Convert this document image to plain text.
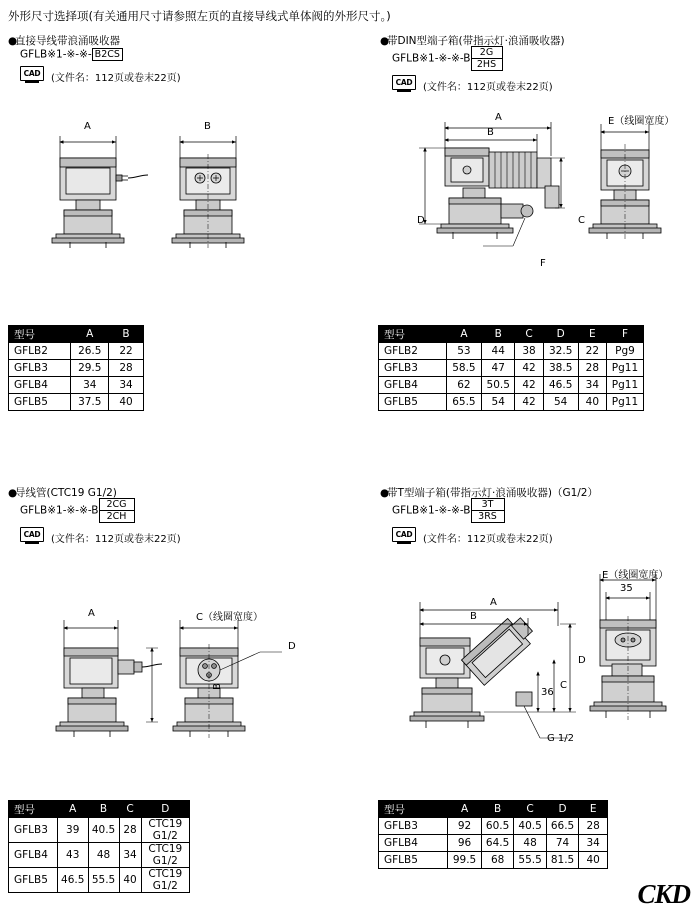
外形尺寸选择项(有关通用尺寸请参照左页的直接导线式单体阀的外形尺寸。)
●直接导线带浪涌吸收器
GFLB※1-※-※- B2CS
CAD	(文件名：112页或卷末22页)
●带DIN型端子箱(带指示灯·浪涌吸收器)
GFLB※1-※-※-B $\frac{2G}{2HS}$
CAD	(文件名：112页或卷末22页)
A	B
A
B
C
D
E（线圈宽度）
F
型号	A	B
GFLB2	26.5	22
GFLB3	29.5	28
GFLB4	34	34
GFLB5	37.5	40
型号	A	B	C	D	E	F
GFLB2	53	44	38	32.5	22	Pg9
GFLB3	58.5	47	42	38.5	28	Pg11
GFLB4	62	50.5	42	46.5	34	Pg11
GFLB5	65.5	54	42	54	40	Pg11
●导线管(CTC19 G1/2)
GFLB※1-※-※-B $\frac{2CG}{2CH}$
CAD	(文件名：112页或卷末22页)
●带T型端子箱(带指示灯·浪涌吸收器)（G1/2）
GFLB※1-※-※-B $\frac{3T}{3RS}$
CAD	(文件名：112页或卷末22页)
A
B
C（线圈宽度）
D
A
B
C
D
E（线圈宽度）
35
36
G 1/2
型号	A	B	C	D
GFLB3	39	40.5	28	CTC19 G1/2
GFLB4	43	48	34	CTC19 G1/2
GFLB5	46.5	55.5	40	CTC19 G1/2
型号	A	B	C	D	E
GFLB3	92	60.5	40.5	66.5	28
GFLB4	96	64.5	48	74	34
GFLB5	99.5	68	55.5	81.5	40
CKD
